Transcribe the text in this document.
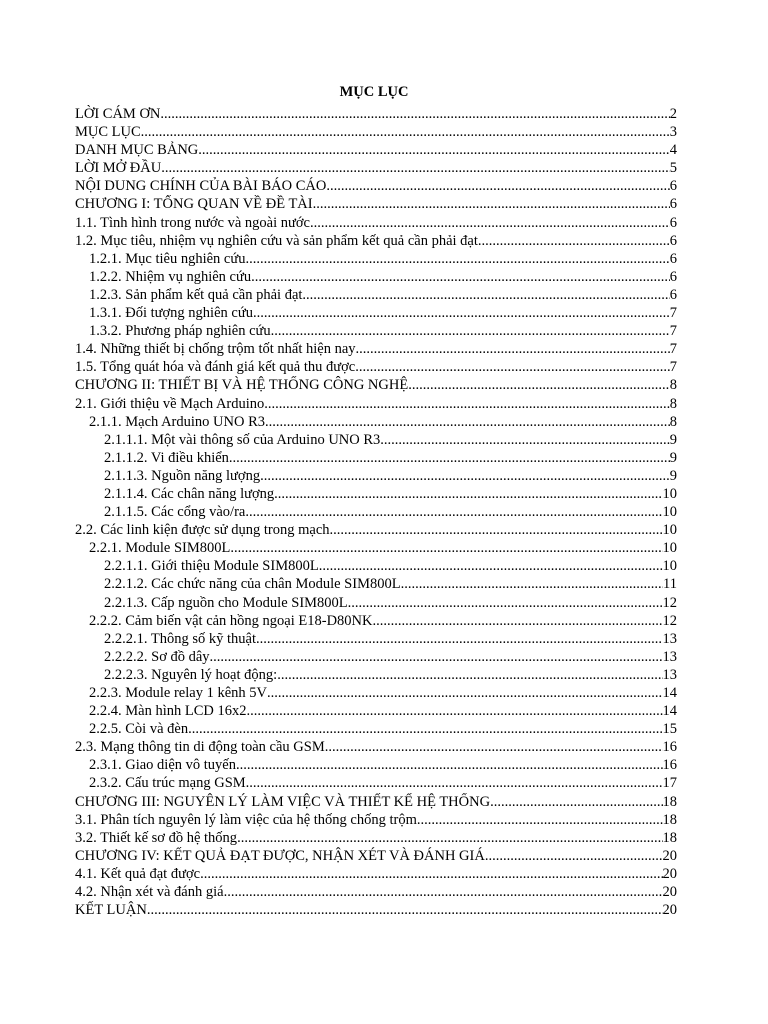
MỤC LỤC
LỜI CÁM ƠN .....	2
MỤC LỤC .....	3
DANH MỤC BẢNG .....	4
LỜI MỞ ĐẦU .....	5
NỘI DUNG CHÍNH CỦA BÀI BÁO CÁO .....	6
CHƯƠNG I: TỔNG QUAN VỀ ĐỀ TÀI .....	6
1.1. Tình hình trong nước và ngoài nước .....	6
1.2. Mục tiêu, nhiệm vụ nghiên cứu và sản phẩm kết quả cần phải đạt .....	6
1.2.1. Mục tiêu nghiên cứu .....	6
1.2.2. Nhiệm vụ nghiên cứu .....	6
1.2.3. Sản phẩm kết quả cần phải đạt .....	6
1.3.1. Đối tượng nghiên cứu .....	7
1.3.2. Phương pháp nghiên cứu .....	7
1.4. Những thiết bị chống trộm tốt nhất hiện nay .....	7
1.5. Tổng quát hóa và đánh giá kết quả thu được .....	7
CHƯƠNG II: THIẾT BỊ VÀ HỆ THỐNG CÔNG NGHỆ .....	8
2.1. Giới thiệu về Mạch Arduino .....	8
2.1.1. Mạch Arduino UNO R3 .....	8
2.1.1.1. Một vài thông số của Arduino UNO R3 .....	9
2.1.1.2. Vi điều khiển .....	9
2.1.1.3. Nguồn năng lượng .....	9
2.1.1.4. Các chân năng lượng .....	10
2.1.1.5. Các cổng vào/ra .....	10
2.2. Các linh kiện được sử dụng trong mạch .....	10
2.2.1. Module SIM800L .....	10
2.2.1.1. Giới thiệu Module SIM800L .....	10
2.2.1.2. Các chức năng của chân Module SIM800L .....	11
2.2.1.3. Cấp nguồn cho Module SIM800L .....	12
2.2.2. Cảm biến vật cản hồng ngoại E18-D80NK .....	12
2.2.2.1. Thông số kỹ thuật .....	13
2.2.2.2. Sơ đồ dây .....	13
2.2.2.3. Nguyên lý hoạt động: .....	13
2.2.3. Module relay 1 kênh 5V .....	14
2.2.4. Màn hình LCD 16x2 .....	14
2.2.5. Còi và đèn .....	15
2.3. Mạng thông tin di động toàn cầu GSM .....	16
2.3.1. Giao diện vô tuyến .....	16
2.3.2. Cấu trúc mạng GSM .....	17
CHƯƠNG III: NGUYÊN LÝ LÀM VIỆC VÀ THIẾT KẾ HỆ THỐNG .....	18
3.1. Phân tích nguyên lý làm việc của hệ thống chống trộm .....	18
3.2. Thiết kế sơ đồ hệ thống .....	18
CHƯƠNG IV: KẾT QUẢ ĐẠT ĐƯỢC, NHẬN XÉT VÀ ĐÁNH GIÁ .....	20
4.1. Kết quả đạt được .....	20
4.2. Nhận xét và đánh giá .....	20
KẾT LUẬN .....	20
